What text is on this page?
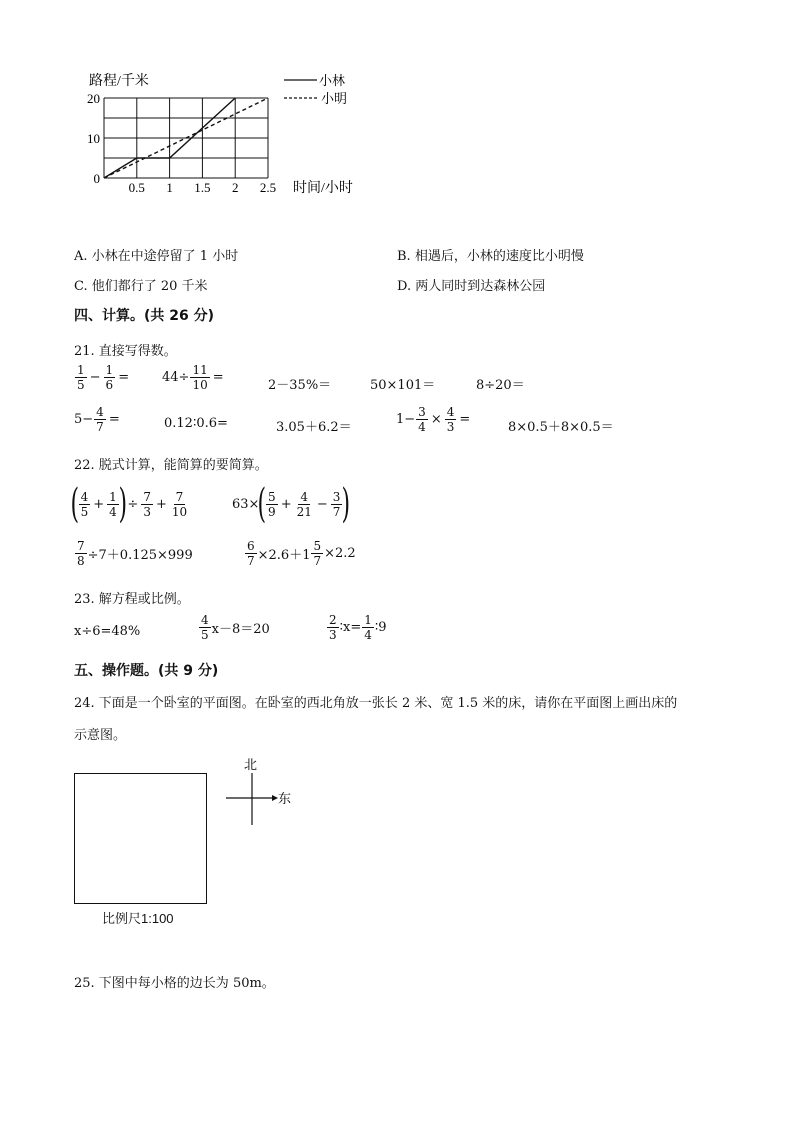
路程/千米
0
10
20
0.5 1 1.5 2 2.5 时间/小时
小林
小明
A. 小林在中途停留了 1 小时	B. 相遇后，小林的速度比小明慢
C. 他们都行了 20 千米	D. 两人同时到达森林公园
四、计算。(共 26 分)
21. 直接写得数。
$\frac{1}{5} - \frac{1}{6}$ =	$44\div \frac{11}{10}$ =
2－35%＝	50×101＝	8÷20＝
$5- \frac{4}{7}$ =	0.12∶0.6=	3.05＋6.2＝
$1- \frac{3}{4} \times \frac{4}{3}$ =
8×0.5＋8×0.5＝
22. 脱式计算，能简算的要简算。
( $\frac{4}{5} + \frac{1}{4}$ ) ÷ $\frac{7}{3} + \frac{7}{10}$	63×
( $\frac{5}{9} + \frac{4}{21} - \frac{3}{7}$ )
$\frac{7}{8} \div 7+0.125\times 999$	$\frac{6}{7} \times 2.6+1 \frac{5}{7} \times 2.2$
23. 解方程或比例。
x÷6=48%	$\frac{4}{5} x-8=20$	$\frac{2}{3}$ ∶x= $\frac{1}{4}$ ∶9
五、操作题。(共 9 分)
24. 下面是一个卧室的平面图。在卧室的西北角放一张长 2 米、宽 1.5 米的床，请你在平面图上画出床的
示意图。
比例尺1:100
北
东
25. 下图中每小格的边长为 50m。
